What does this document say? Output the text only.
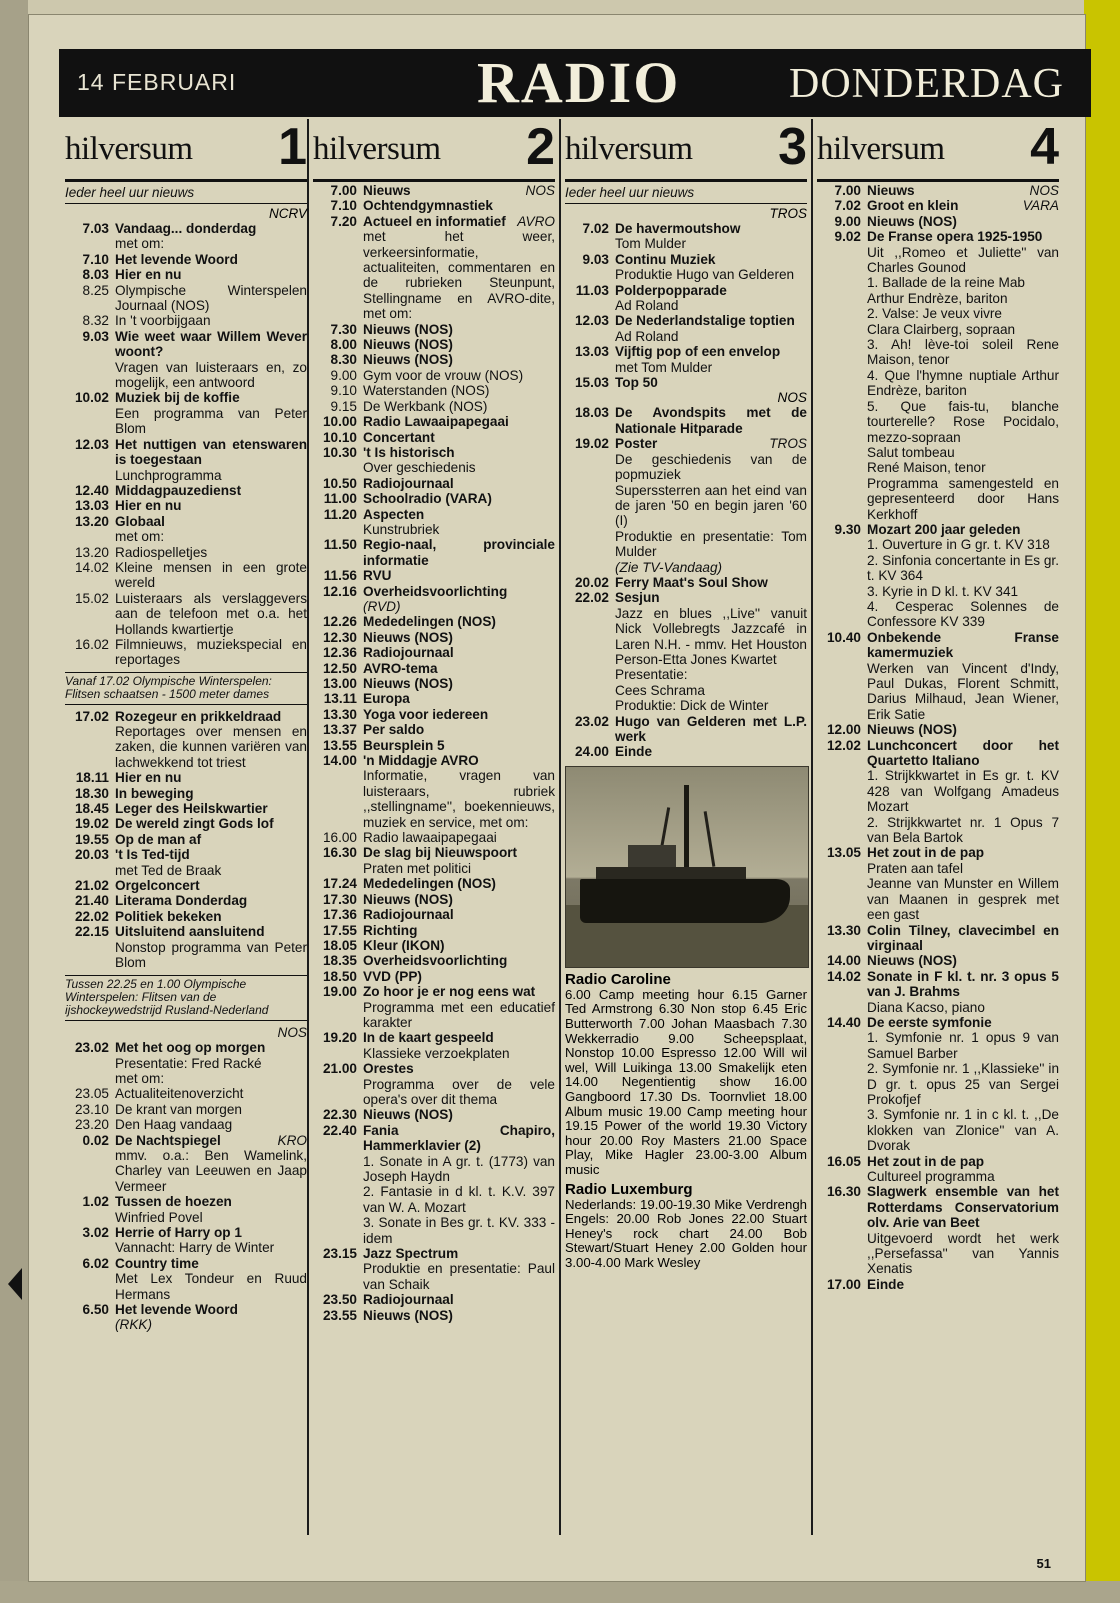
14 FEBRUARI	RADIO	DONDERDAG
hilversum 1
Ieder heel uur nieuws
NCRV
7.03 Vandaag... donderdag
met om:
7.10 Het levende Woord
8.03 Hier en nu
8.25 Olympische Winterspelen Journaal (NOS)
8.32 In 't voorbijgaan
9.03 Wie weet waar Willem Wever woont?
Vragen van luisteraars en, zo mogelijk, een antwoord
10.02 Muziek bij de koffie
Een programma van Peter Blom
12.03 Het nuttigen van etenswaren is toegestaan
Lunchprogramma
12.40 Middagpauzedienst
13.03 Hier en nu
13.20 Globaal
met om:
13.20 Radiospelletjes
14.02 Kleine mensen in een grote wereld
15.02 Luisteraars als verslaggevers aan de telefoon met o.a. het Hollands kwartiertje
16.02 Filmnieuws, muziekspecial en reportages
Vanaf 17.02 Olympische Winterspelen: Flitsen schaatsen - 1500 meter dames
17.02 Rozegeur en prikkeldraad
Reportages over mensen en zaken, die kunnen variëren van lachwekkend tot triest
18.11 Hier en nu
18.30 In beweging
18.45 Leger des Heilskwartier
19.02 De wereld zingt Gods lof
19.55 Op de man af
20.03 't Is Ted-tijd
met Ted de Braak
21.02 Orgelconcert
21.40 Literama Donderdag
22.02 Politiek bekeken
22.15 Uitsluitend aansluitend
Nonstop programma van Peter Blom
Tussen 22.25 en 1.00 Olympische Winterspelen: Flitsen van de ijshockeywedstrijd Rusland-Nederland
NOS
23.02 Met het oog op morgen
Presentatie: Fred Racké
met om:
23.05 Actualiteitenoverzicht
23.10 De krant van morgen
23.20 Den Haag vandaag
0.02 De Nachtspiegel	KRO
mmv. o.a.: Ben Wamelink, Charley van Leeuwen en Jaap Vermeer
1.02 Tussen de hoezen
Winfried Povel
3.02 Herrie of Harry op 1
Vannacht: Harry de Winter
6.02 Country time
Met Lex Tondeur en Ruud Hermans
6.50 Het levende Woord
(RKK)
hilversum 2
7.00 Nieuws	NOS
7.10 Ochtendgymnastiek
7.20 Actueel en informatief AVRO
met het weer, verkeersinformatie, actualiteiten, commentaren en de rubrieken Steunpunt, Stellingname en AVRO-dite, met om:
7.30 Nieuws (NOS)
8.00 Nieuws (NOS)
8.30 Nieuws (NOS)
9.00 Gym voor de vrouw (NOS)
9.10 Waterstanden (NOS)
9.15 De Werkbank (NOS)
10.00 Radio Lawaaipapegaai
10.10 Concertant
10.30 't Is historisch
Over geschiedenis
10.50 Radiojournaal
11.00 Schoolradio (VARA)
11.20 Aspecten
Kunstrubriek
11.50 Regio-naal, provinciale informatie
11.56 RVU
12.16 Overheidsvoorlichting
(RVD)
12.26 Mededelingen (NOS)
12.30 Nieuws (NOS)
12.36 Radiojournaal
12.50 AVRO-tema
13.00 Nieuws (NOS)
13.11 Europa
13.30 Yoga voor iedereen
13.37 Per saldo
13.55 Beursplein 5
14.00 'n Middagje AVRO
Informatie, vragen van luisteraars, rubriek ,,stellingname'', boekennieuws, muziek en service, met om:
16.00 Radio lawaaipapegaai
16.30 De slag bij Nieuwspoort
Praten met politici
17.24 Mededelingen (NOS)
17.30 Nieuws (NOS)
17.36 Radiojournaal
17.55 Richting
18.05 Kleur (IKON)
18.35 Overheidsvoorlichting
18.50 VVD (PP)
19.00 Zo hoor je er nog eens wat
Programma met een educatief karakter
19.20 In de kaart gespeeld
Klassieke verzoekplaten
21.00 Orestes
Programma over de vele opera's over dit thema
22.30 Nieuws (NOS)
22.40 Fania Chapiro, Hammerklavier (2)
1. Sonate in A gr. t. (1773) van Joseph Haydn
2. Fantasie in d kl. t. K.V. 397 van W. A. Mozart
3. Sonate in Bes gr. t. KV. 333 - idem
23.15 Jazz Spectrum
Produktie en presentatie: Paul van Schaik
23.50 Radiojournaal
23.55 Nieuws (NOS)
hilversum 3
Ieder heel uur nieuws
TROS
7.02 De havermoutshow
Tom Mulder
9.03 Continu Muziek
Produktie Hugo van Gelderen
11.03 Polderpopparade
Ad Roland
12.03 De Nederlandstalige toptien
Ad Roland
13.03 Vijftig pop of een envelop
met Tom Mulder
15.03 Top 50
NOS
18.03 De Avondspits met de Nationale Hitparade
19.02 Poster	TROS
De geschiedenis van de popmuziek
Superssterren aan het eind van de jaren '50 en begin jaren '60 (I)
Produktie en presentatie: Tom Mulder
(Zie TV-Vandaag)
20.02 Ferry Maat's Soul Show
22.02 Sesjun
Jazz en blues ,,Live'' vanuit Nick Vollebregts Jazzcafé in Laren N.H. - mmv. Het Houston Person-Etta Jones Kwartet
Presentatie:
Cees Schrama
Produktie: Dick de Winter
23.02 Hugo van Gelderen met L.P. werk
24.00 Einde
Radio Caroline
6.00 Camp meeting hour 6.15 Garner Ted Armstrong 6.30 Non stop 6.45 Eric Butterworth 7.00 Johan Maasbach 7.30 Wekkerradio 9.00 Scheepsplaat, Nonstop 10.00 Espresso 12.00 Will wil wel, Will Luikinga 13.00 Smakelijk eten 14.00 Negentientig show 16.00 Gangboord 17.30 Ds. Toornvliet 18.00 Album music 19.00 Camp meeting hour 19.15 Power of the world 19.30 Victory hour 20.00 Roy Masters 21.00 Space Play, Mike Hagler 23.00-3.00 Album music
Radio Luxemburg
Nederlands: 19.00-19.30 Mike Verdrengh Engels: 20.00 Rob Jones 22.00 Stuart Heney's rock chart 24.00 Bob Stewart/Stuart Heney 2.00 Golden hour 3.00-4.00 Mark Wesley
hilversum 4
7.00 Nieuws	NOS
7.02 Groot en klein	VARA
9.00 Nieuws (NOS)
9.02 De Franse opera 1925-1950
Uit ,,Romeo et Juliette'' van Charles Gounod
1. Ballade de la reine Mab
Arthur Endrèze, bariton
2. Valse: Je veux vivre
Clara Clairberg, sopraan
3. Ah! lève-toi soleil Rene Maison, tenor
4. Que l'hymne nuptiale Arthur Endrèze, bariton
5. Que fais-tu, blanche tourterelle? Rose Pocidalo, mezzo-sopraan
Salut tombeau
René Maison, tenor
Programma samengesteld en gepresenteerd door Hans Kerkhoff
9.30 Mozart 200 jaar geleden
1. Ouverture in G gr. t. KV 318
2. Sinfonia concertante in Es gr. t. KV 364
3. Kyrie in D kl. t. KV 341
4. Cesperac Solennes de Confessore KV 339
10.40 Onbekende Franse kamermuziek
Werken van Vincent d'Indy, Paul Dukas, Florent Schmitt, Darius Milhaud, Jean Wiener, Erik Satie
12.00 Nieuws (NOS)
12.02 Lunchconcert door het Quartetto Italiano
1. Strijkkwartet in Es gr. t. KV 428 van Wolfgang Amadeus Mozart
2. Strijkkwartet nr. 1 Opus 7 van Bela Bartok
13.05 Het zout in de pap
Praten aan tafel
Jeanne van Munster en Willem van Maanen in gesprek met een gast
13.30 Colin Tilney, clavecimbel en virginaal
14.00 Nieuws (NOS)
14.02 Sonate in F kl. t. nr. 3 opus 5 van J. Brahms
Diana Kacso, piano
14.40 De eerste symfonie
1. Symfonie nr. 1 opus 9 van Samuel Barber
2. Symfonie nr. 1 ,,Klassieke'' in D gr. t. opus 25 van Sergei Prokofjef
3. Symfonie nr. 1 in c kl. t. ,,De klokken van Zlonice'' van A. Dvorak
16.05 Het zout in de pap
Cultureel programma
16.30 Slagwerk ensemble van het Rotterdams Conservatorium olv. Arie van Beet
Uitgevoerd wordt het werk ,,Persefassa'' van Yannis Xenatis
17.00 Einde
51
